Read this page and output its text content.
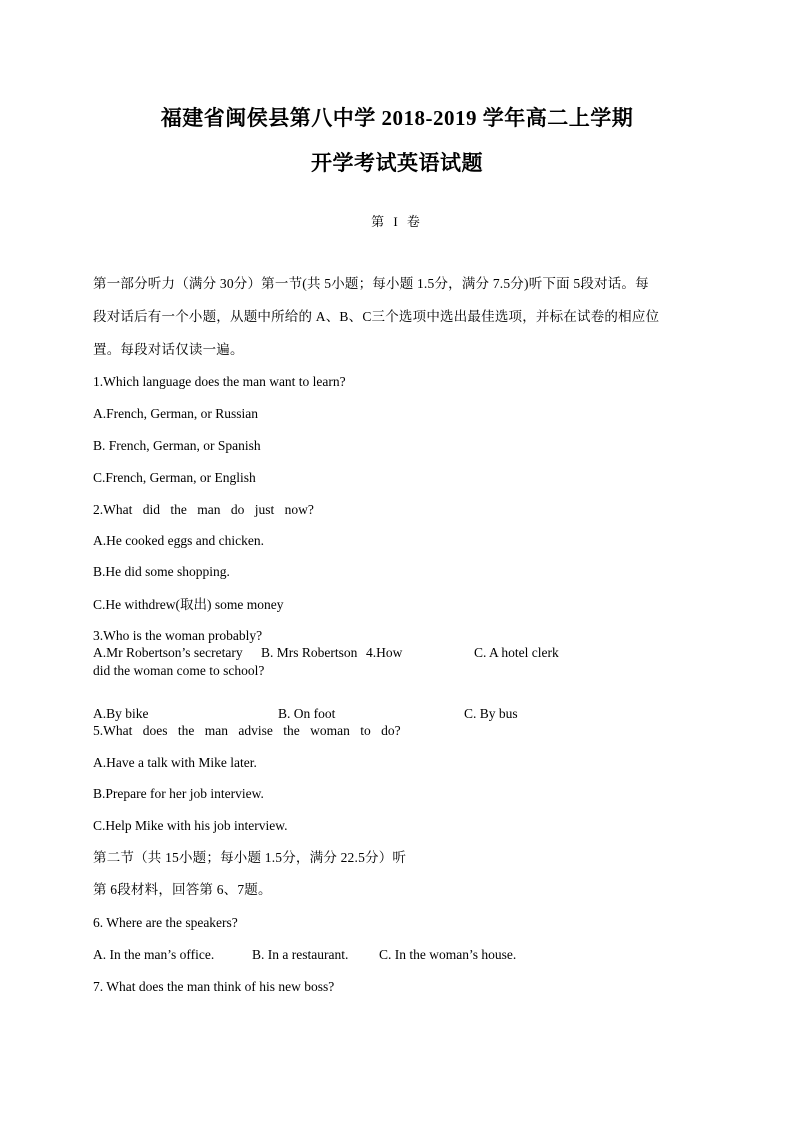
福建省闽侯县第八中学 2018-2019 学年高二上学期
开学考试英语试题
第 I 卷
第一部分听力（满分 30分）第一节(共 5小题；每小题 1.5分，满分 7.5分)听下面 5段对话。每
段对话后有一个小题，从题中所给的 A、B、C三个选项中选出最佳选项，并标在试卷的相应位
置。每段对话仅读一遍。
1.Which language does the man want to learn?
A.French, German, or Russian
B. French, German, or Spanish
C.French, German, or English
2.What did the man do just now?
A.He cooked eggs and chicken.
B.He did some shopping.
C.He withdrew(取出) some money
3.Who is the woman probably?
A.Mr Robertson’s secretary B. Mrs Robertson 4.How	C. A hotel clerk
did the woman come to school?
A.By bike	B. On foot	C. By bus
5.What does the man advise the woman to do?
A.Have a talk with Mike later.
B.Prepare for her job interview.
C.Help Mike with his job interview.
第二节（共 15小题；每小题 1.5分，满分 22.5分）听
第 6段材料，回答第 6、7题。
6. Where are the speakers?
A. In the man’s office.	B. In a restaurant. C. In the woman’s house.
7. What does the man think of his new boss?
